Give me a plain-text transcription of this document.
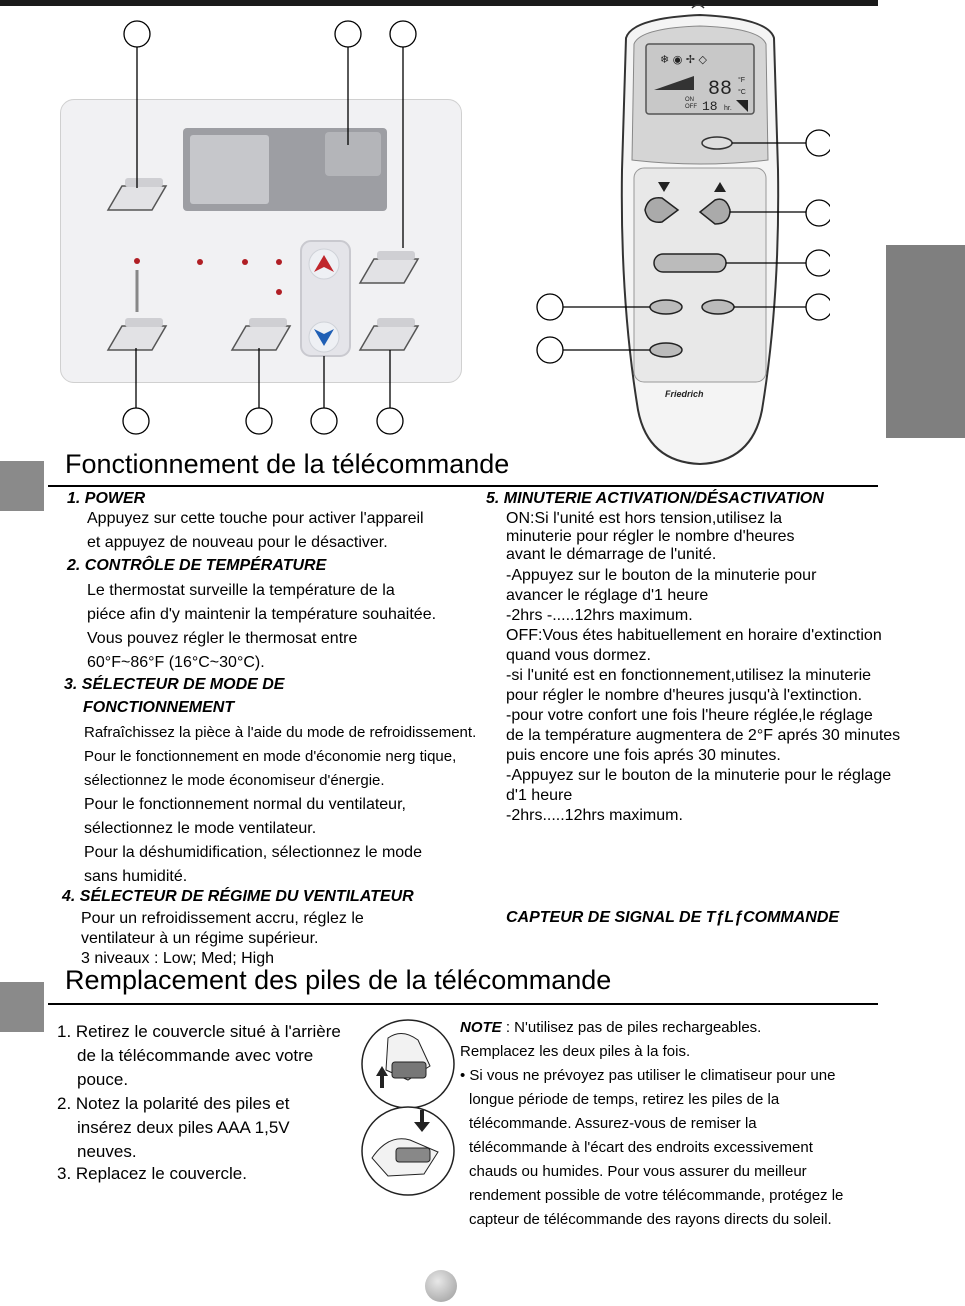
❄ ◉ ✢ ◇
88 °F
°C
ON
OFF 18 hr.
Friedrich
Fonctionnement de la télécommande
1. POWER
Appuyez sur cette touche pour activer l'appareil
et appuyez de nouveau pour le désactiver.
2. CONTRÔLE DE TEMPÉRATURE
Le thermostat surveille la température de la
piéce afin d'y maintenir la température souhaitée.
Vous pouvez régler le thermosat entre
60°F~86°F (16°C~30°C).
3. SÉLECTEUR DE MODE DE
FONCTIONNEMENT
Rafraîchissez la pièce à l'aide du mode de refroidissement.
Pour le fonctionnement en mode d'économie nerg tique,
sélectionnez le mode économiseur d'énergie.
Pour le fonctionnement normal du ventilateur,
sélectionnez le mode ventilateur.
Pour la déshumidification, sélectionnez le mode
sans humidité.
4. SÉLECTEUR DE RÉGIME DU VENTILATEUR
Pour un refroidissement accru, réglez le
ventilateur à un régime supérieur.
3 niveaux : Low; Med; High
5. MINUTERIE ACTIVATION/DÉSACTIVATION
ON:Si l'unité est hors tension,utilisez la
minuterie pour régler le nombre d'heures
avant le démarrage de l'unité.
-Appuyez sur le bouton de la minuterie pour
avancer le réglage d'1 heure
-2hrs -.....12hrs maximum.
OFF:Vous étes habituellement en horaire d'extinction
quand vous dormez.
-si l'unité est en fonctionnement,utilisez la minuterie
pour régler le nombre d'heures jusqu'à l'extinction.
-pour votre confort une fois l'heure réglée,le réglage
de la température augmentera de 2°F aprés 30 minutes
puis encore une fois aprés 30 minutes.
-Appuyez sur le bouton de la minuterie pour le réglage
d'1 heure
-2hrs.....12hrs maximum.
CAPTEUR DE SIGNAL DE TƒLƒCOMMANDE
Remplacement des piles de la télécommande
1. Retirez le couvercle situé à l'arrière
de la télécommande avec votre
pouce.
2. Notez la polarité des piles et
insérez deux piles AAA 1,5V
neuves.
3. Replacez le couvercle.
NOTE : N'utilisez pas de piles rechargeables.
Remplacez les deux piles à la fois.
• Si vous ne prévoyez pas utiliser le climatiseur pour une
longue période de temps, retirez les piles de la
télécommande. Assurez-vous de remiser la
télécommande à l'écart des endroits excessivement
chauds ou humides. Pour vous assurer du meilleur
rendement possible de votre télécommande, protégez le
capteur de télécommande des rayons directs du soleil.
